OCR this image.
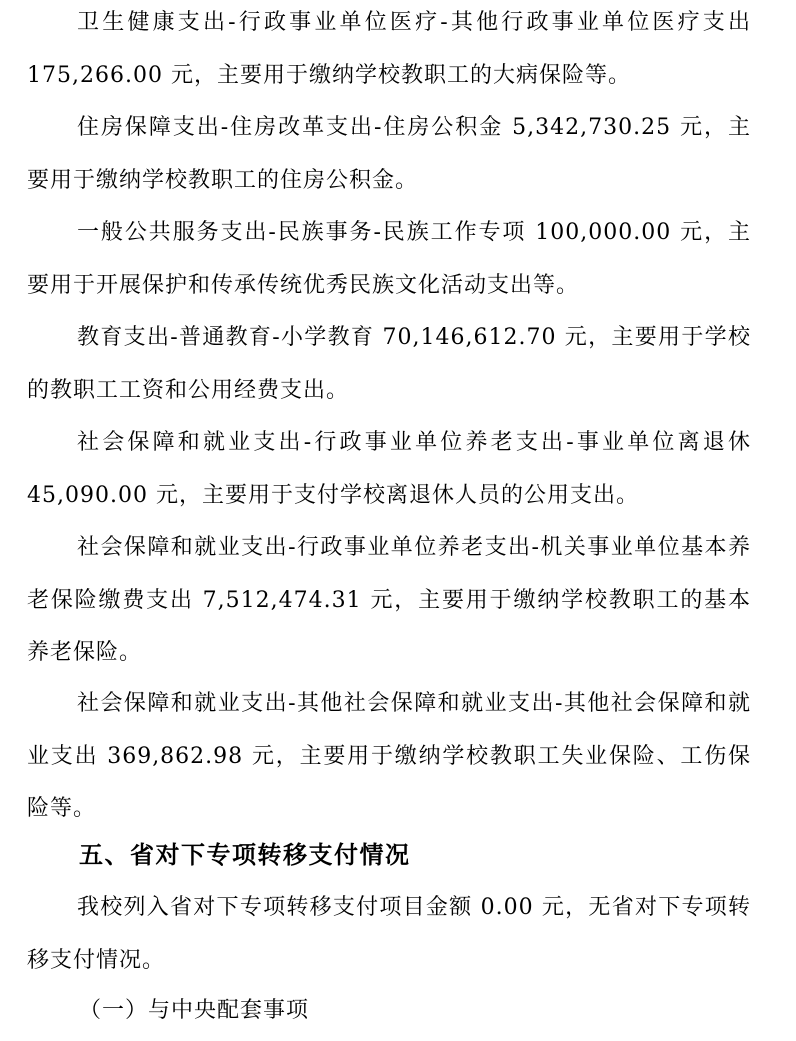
卫生健康支出-行政事业单位医疗-其他行政事业单位医疗支出175,266.00 元，主要用于缴纳学校教职工的大病保险等。

住房保障支出-住房改革支出-住房公积金 5,342,730.25 元，主要用于缴纳学校教职工的住房公积金。

一般公共服务支出-民族事务-民族工作专项 100,000.00 元，主要用于开展保护和传承传统优秀民族文化活动支出等。

教育支出-普通教育-小学教育 70,146,612.70 元，主要用于学校的教职工工资和公用经费支出。

社会保障和就业支出-行政事业单位养老支出-事业单位离退休45,090.00 元，主要用于支付学校离退休人员的公用支出。

社会保障和就业支出-行政事业单位养老支出-机关事业单位基本养老保险缴费支出 7,512,474.31 元，主要用于缴纳学校教职工的基本养老保险。

社会保障和就业支出-其他社会保障和就业支出-其他社会保障和就业支出 369,862.98 元，主要用于缴纳学校教职工失业保险、工伤保险等。

五、省对下专项转移支付情况

我校列入省对下专项转移支付项目金额 0.00 元，无省对下专项转移支付情况。

（一）与中央配套事项
